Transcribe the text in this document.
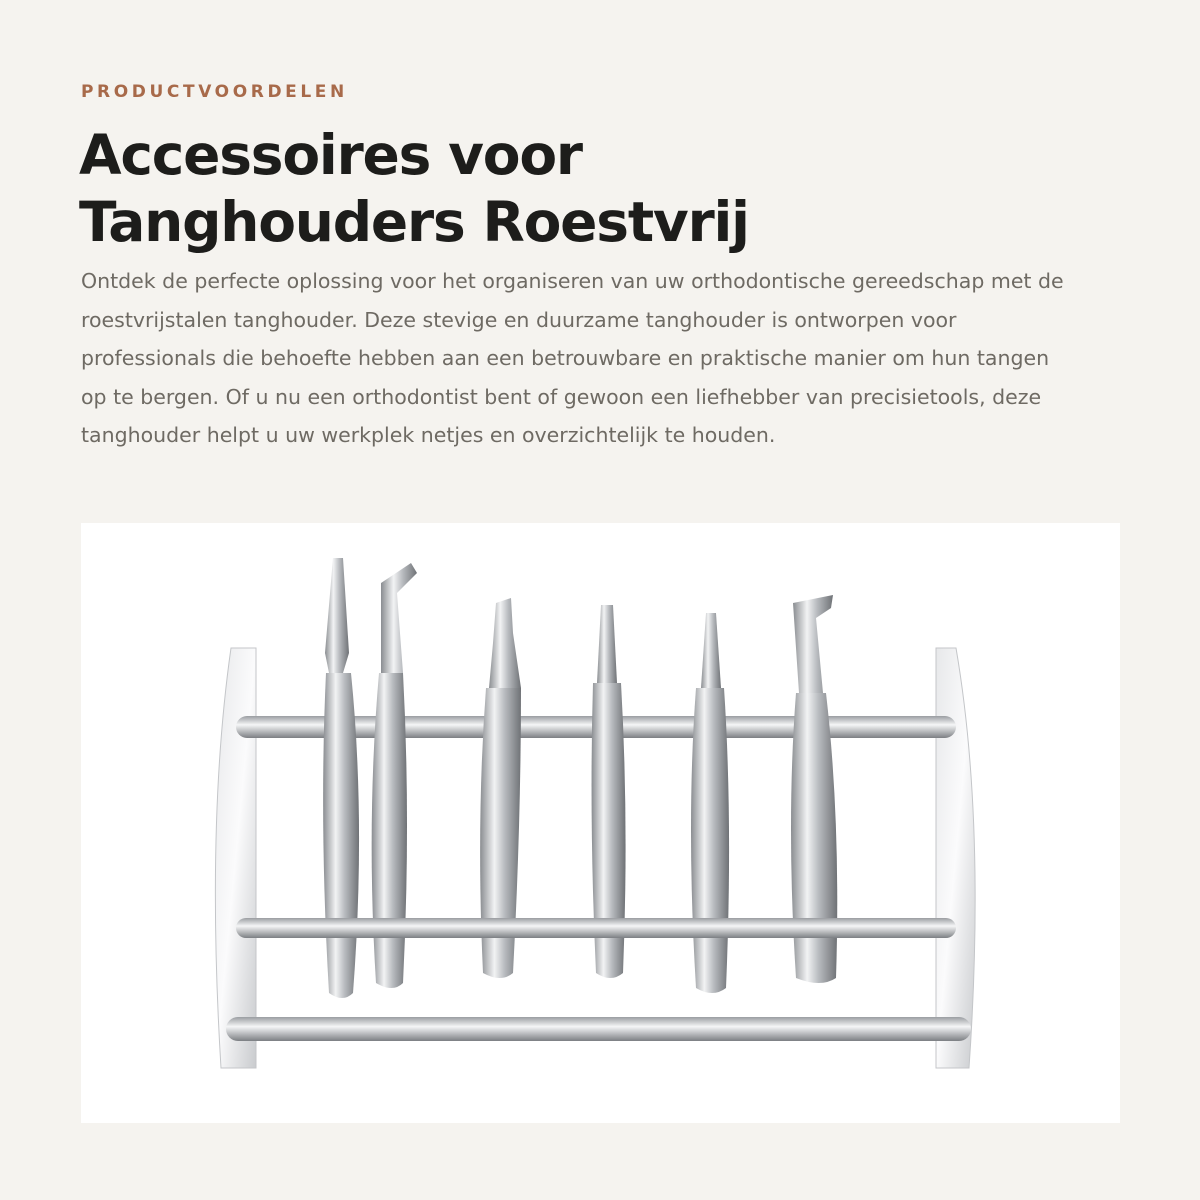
PRODUCTVOORDELEN
Accessoires voor
Tanghouders Roestvrij

Ontdek de perfecte oplossing voor het organiseren van uw orthodontische gereedschap met de roestvrijstalen tanghouder. Deze stevige en duurzame tanghouder is ontworpen voor professionals die behoefte hebben aan een betrouwbare en praktische manier om hun tangen op te bergen. Of u nu een orthodontist bent of gewoon een liefhebber van precisietools, deze tanghouder helpt u uw werkplek netjes en overzichtelijk te houden.
